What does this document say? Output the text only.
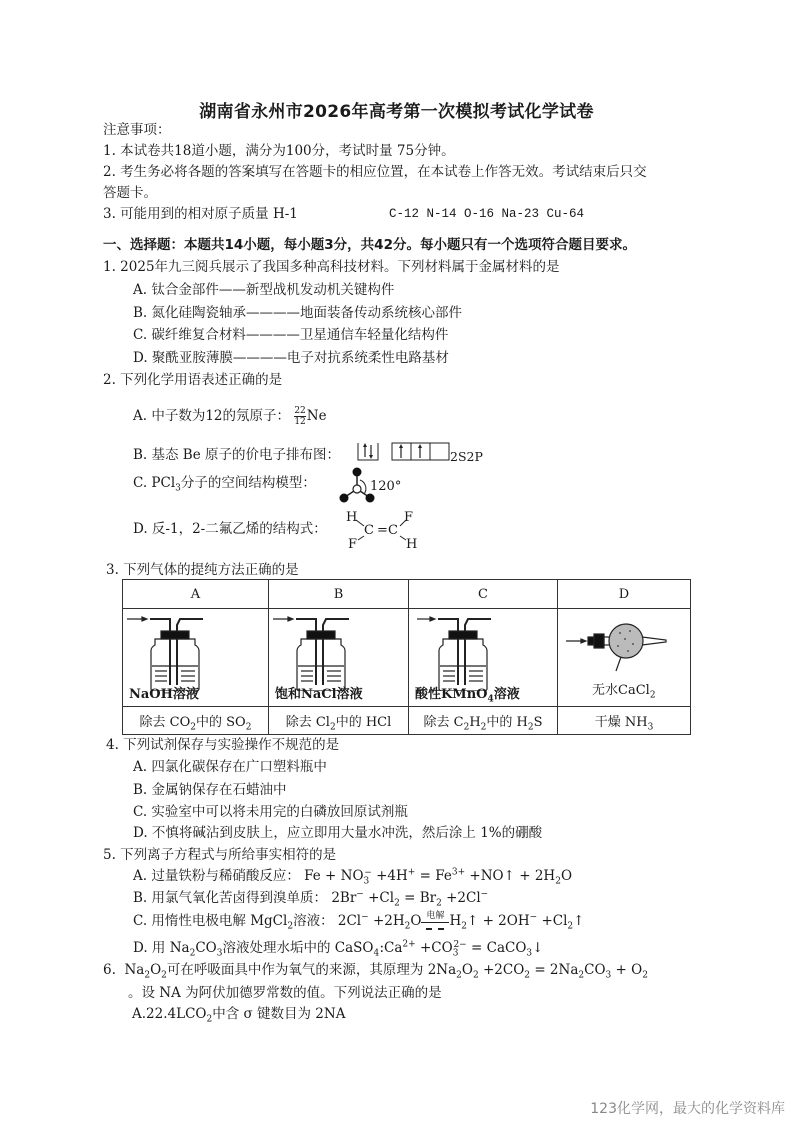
湖南省永州市2026年高考第一次模拟考试化学试卷
注意事项：
1. 本试卷共18道小题，满分为100分，考试时量 75分钟。
2. 考生务必将各题的答案填写在答题卡的相应位置，在本试卷上作答无效。考试结束后只交
答题卡。
3. 可能用到的相对原子质量 H-1	C-12 N-14 O-16 Na-23 Cu-64
一、选择题：本题共14小题，每小题3分，共42分。每小题只有一个选项符合题目要求。
1. 2025年九三阅兵展示了我国多种高科技材料。下列材料属于金属材料的是
A. 钛合金部件——新型战机发动机关键构件
B. 氮化硅陶瓷轴承————地面装备传动系统核心部件
C. 碳纤维复合材料————卫星通信车轻量化结构件
D. 聚酰亚胺薄膜————电子对抗系统柔性电路基材
2. 下列化学用语表述正确的是
A. 中子数为12的氖原子： $\frac{22}{12}$ Ne
B. 基态 Be 原子的价电子排布图：	2S2P
C. PCl$_3$分子的空间结构模型：	120°
D. 反-1，2-二氟乙烯的结构式：
H	F
C = C
F	H
3. 下列气体的提纯方法正确的是
A	B	C	D

NaOH溶液	饱和NaCl溶液	酸性KMnO$_4$溶液	无水CaCl$_2$

除去 $CO_2$中的 $SO_2$	除去 $Cl_2$中的 HCl	除去 $C_2H_2$中的 $H_2S$	干燥 $NH_3$
4. 下列试剂保存与实验操作不规范的是
A. 四氯化碳保存在广口塑料瓶中
B. 金属钠保存在石蜡油中
C. 实验室中可以将未用完的白磷放回原试剂瓶
D. 不慎将碱沾到皮肤上，应立即用大量水冲洗，然后涂上 1%的硼酸
5. 下列离子方程式与所给事实相符的是
A. 过量铁粉与稀硝酸反应： $Fe + NO_3^- +4H^+ = Fe^{3+}$ +NO↑ + $2H_2O$
B. 用氯气氧化苦卤得到溴单质： $2Br^- +Cl_2 = Br_2 +2Cl^-$
C. 用惰性电极电解 MgCl$_2$溶液： $2Cl^- +2H_2O$ 电解 $H_2↑ + 2OH^-$ $+Cl_2↑$
D. 用 $Na_2CO_3$溶液处理水垢中的 CaSO$_4$ $:Ca^{2+} +CO_3^{2-}$ = CaCO$_3$↓
6. $Na_2O_2$可在呼吸面具中作为氧气的来源，其原理为 $2Na_2O_2 +2CO_2 = 2Na_2CO_3 + O_2$
。设 NA 为阿伏加德罗常数的值。下列说法正确的是
$A.22.4LCO_2$中含 σ 键数目为 2NA
123化学网，最大的化学资料库
